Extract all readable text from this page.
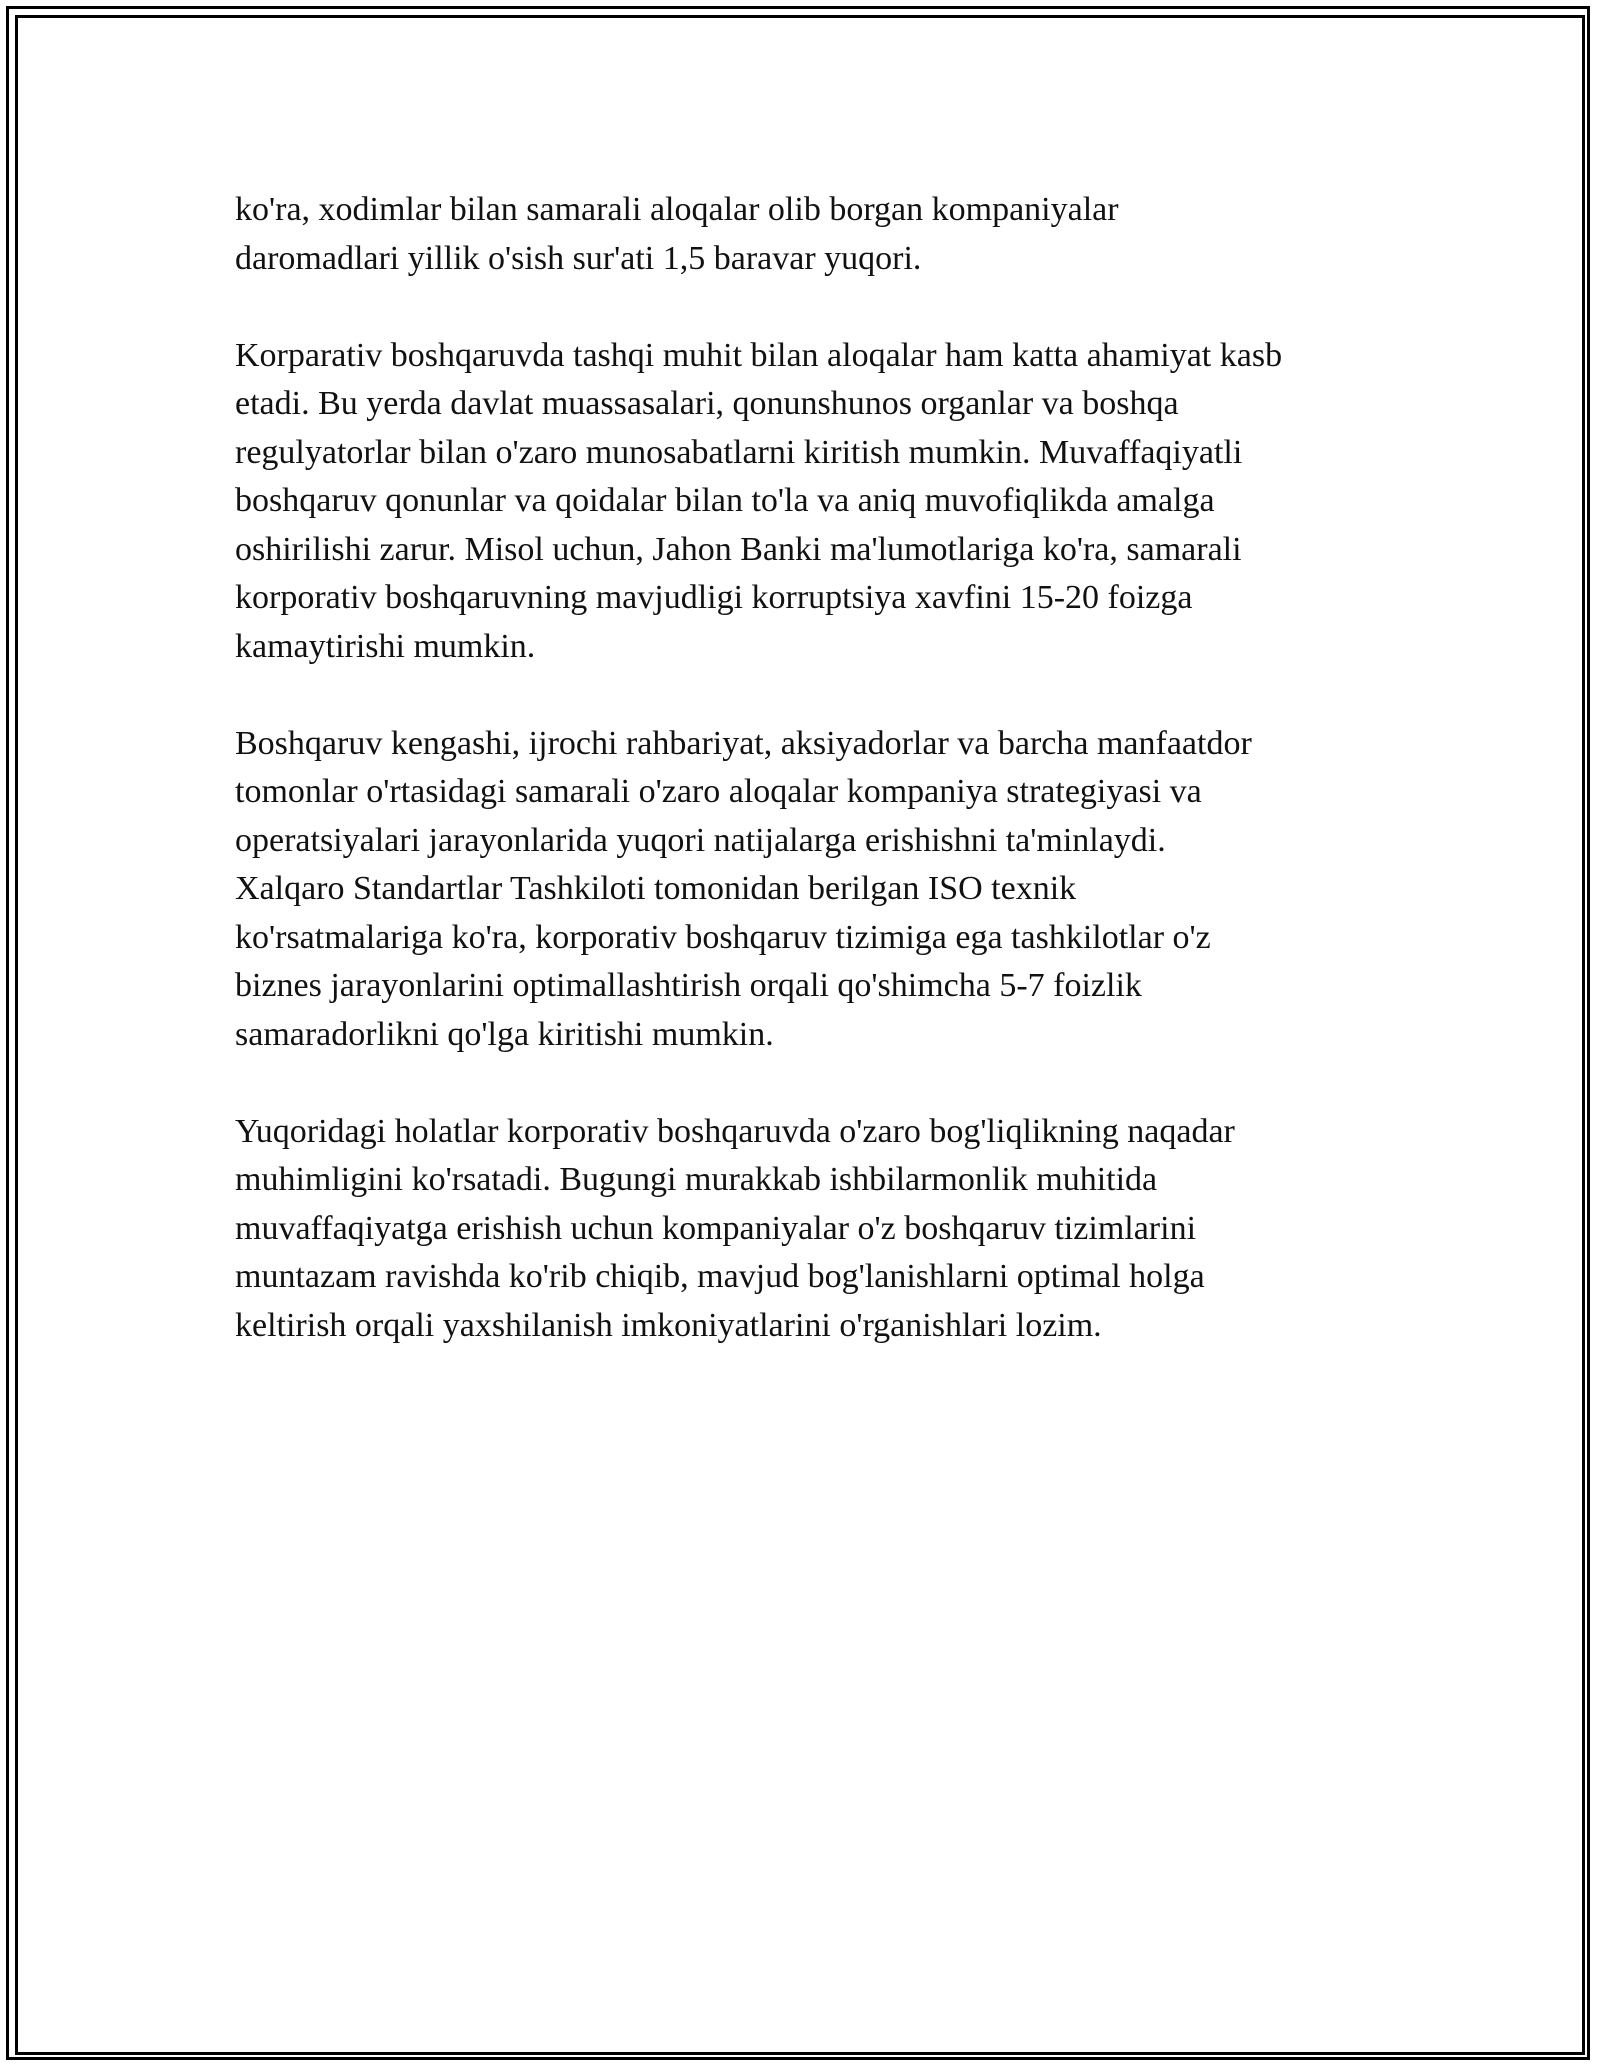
ko'ra, xodimlar bilan samarali aloqalar olib borgan kompaniyalar
daromadlari yillik o'sish sur'ati 1,5 baravar yuqori.

Korparativ boshqaruvda tashqi muhit bilan aloqalar ham katta ahamiyat kasb
etadi. Bu yerda davlat muassasalari, qonunshunos organlar va boshqa
regulyatorlar bilan o'zaro munosabatlarni kiritish mumkin. Muvaffaqiyatli
boshqaruv qonunlar va qoidalar bilan to'la va aniq muvofiqlikda amalga
oshirilishi zarur. Misol uchun, Jahon Banki ma'lumotlariga ko'ra, samarali
korporativ boshqaruvning mavjudligi korruptsiya xavfini 15-20 foizga
kamaytirishi mumkin.

Boshqaruv kengashi, ijrochi rahbariyat, aksiyadorlar va barcha manfaatdor
tomonlar o'rtasidagi samarali o'zaro aloqalar kompaniya strategiyasi va
operatsiyalari jarayonlarida yuqori natijalarga erishishni ta'minlaydi.
Xalqaro Standartlar Tashkiloti tomonidan berilgan ISO texnik
ko'rsatmalariga ko'ra, korporativ boshqaruv tizimiga ega tashkilotlar o'z
biznes jarayonlarini optimallashtirish orqali qo'shimcha 5-7 foizlik
samaradorlikni qo'lga kiritishi mumkin.

Yuqoridagi holatlar korporativ boshqaruvda o'zaro bog'liqlikning naqadar
muhimligini ko'rsatadi. Bugungi murakkab ishbilarmonlik muhitida
muvaffaqiyatga erishish uchun kompaniyalar o'z boshqaruv tizimlarini
muntazam ravishda ko'rib chiqib, mavjud bog'lanishlarni optimal holga
keltirish orqali yaxshilanish imkoniyatlarini o'rganishlari lozim.
